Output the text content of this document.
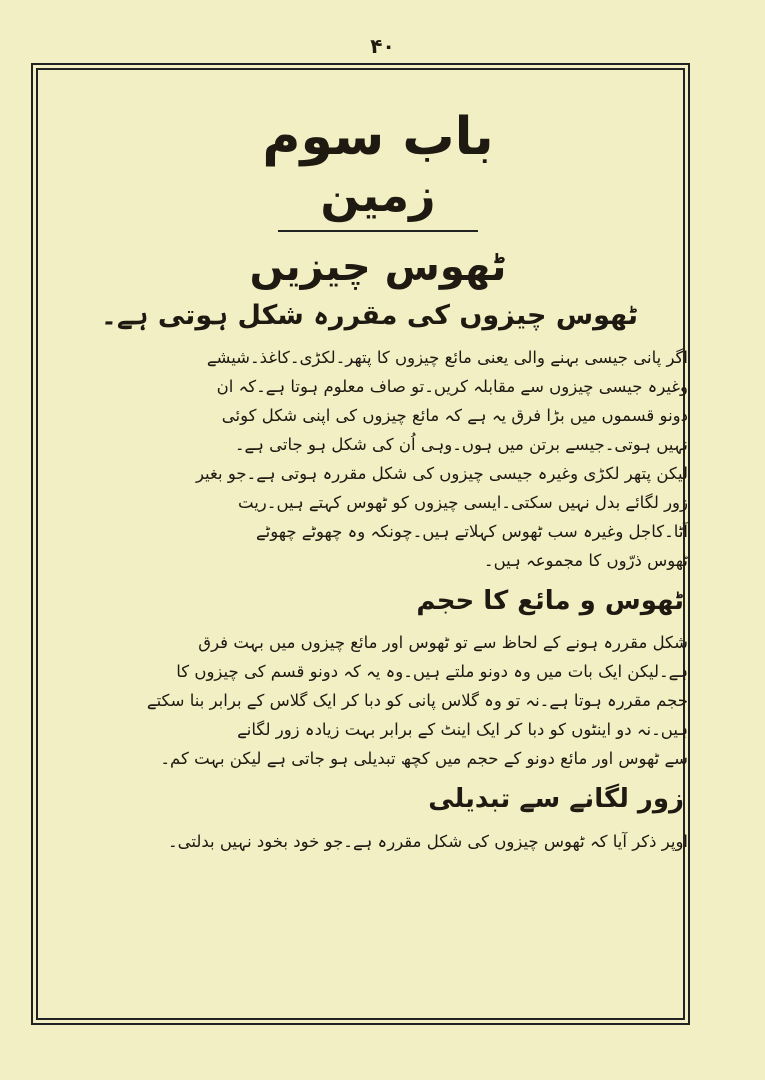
۴۰
باب سوم
زمین
ٹھوس چیزیں
ٹھوس چیزوں کی مقررہ شکل ہوتی ہے۔
اگر پانی جیسی بہنے والی یعنی مائع چیزوں کا پتھر۔لکڑی۔کاغذ۔شیشے
وغیرہ جیسی چیزوں سے مقابلہ کریں۔تو صاف معلوم ہوتا ہے۔کہ ان
دونو قسموں میں بڑا فرق یہ ہے کہ مائع چیزوں کی اپنی شکل کوئی
نہیں ہوتی۔جیسے برتن میں ہوں۔وہی اُن کی شکل ہو جاتی ہے۔
لیکن پتھر لکڑی وغیرہ جیسی چیزوں کی شکل مقررہ ہوتی ہے۔جو بغیر
زور لگائے بدل نہیں سکتی۔ایسی چیزوں کو ٹھوس کہتے ہیں۔ریت
آٹا۔کاجل وغیرہ سب ٹھوس کہلاتے ہیں۔چونکہ وہ چھوٹے چھوٹے
ٹھوس ذرّوں کا مجموعہ ہیں۔
ٹھوس و مائع کا حجم
شکل مقررہ ہونے کے لحاظ سے تو ٹھوس اور مائع چیزوں میں بہت فرق
ہے۔لیکن ایک بات میں وہ دونو ملتے ہیں۔وہ یہ کہ دونو قسم کی چیزوں کا
حجم مقررہ ہوتا ہے۔نہ تو وہ گلاس پانی کو دبا کر ایک گلاس کے برابر بنا سکتے
ہیں۔نہ دو اینٹوں کو دبا کر ایک اینٹ کے برابر بہت زیادہ زور لگانے
سے ٹھوس اور مائع دونو کے حجم میں کچھ تبدیلی ہو جاتی ہے لیکن بہت کم۔
زور لگانے سے تبدیلی
اوپر ذکر آیا کہ ٹھوس چیزوں کی شکل مقررہ ہے۔جو خود بخود نہیں بدلتی۔
